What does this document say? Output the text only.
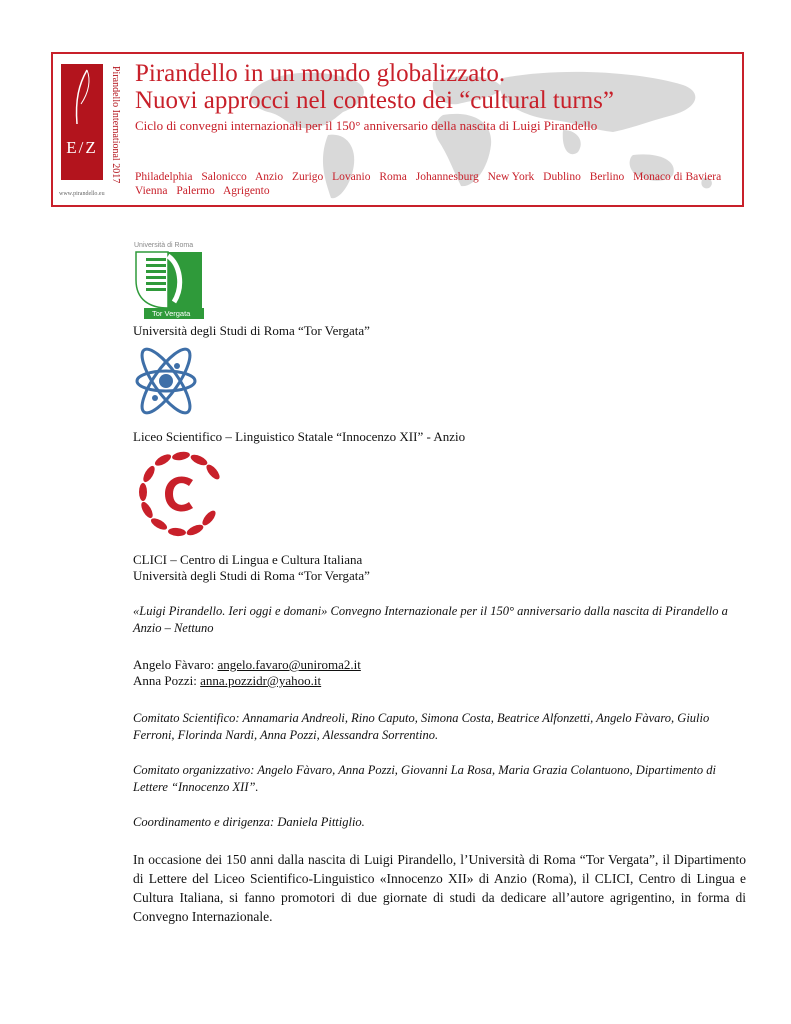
E/Z
www.pirandello.eu
Pirandello International 2017 Pirandello in un mondo globalizzato.
Nuovi approcci nel contesto dei “cultural turns”
Ciclo di convegni internazionali per il 150° anniversario della nascita di Luigi Pirandello
Philadelphia Salonicco Anzio Zurigo Lovanio Roma Johannesburg New York Dublino Berlino Monaco di Baviera Vienna Palermo Agrigento
Università di Roma
Tor Vergata
Università degli Studi di Roma “Tor Vergata”
Liceo Scientifico – Linguistico Statale “Innocenzo XII” - Anzio
CLICI – Centro di Lingua e Cultura Italiana
Università degli Studi di Roma “Tor Vergata”
«Luigi Pirandello. Ieri oggi e domani» Convegno Internazionale per il 150° anniversario dalla nascita di Pirandello a Anzio – Nettuno
Angelo Fàvaro: angelo.favaro@uniroma2.it
Anna Pozzi: anna.pozzidr@yahoo.it
Comitato Scientifico: Annamaria Andreoli, Rino Caputo, Simona Costa, Beatrice Alfonzetti, Angelo Fàvaro, Giulio Ferroni, Florinda Nardi, Anna Pozzi, Alessandra Sorrentino.
Comitato organizzativo: Angelo Fàvaro, Anna Pozzi, Giovanni La Rosa, Maria Grazia Colantuono, Dipartimento di Lettere “Innocenzo XII”.
Coordinamento e dirigenza: Daniela Pittiglio.
In occasione dei 150 anni dalla nascita di Luigi Pirandello, l’Università di Roma “Tor Vergata”, il Dipartimento di Lettere del Liceo Scientifico-Linguistico «Innocenzo XII» di Anzio (Roma), il CLICI, Centro di Lingua e Cultura Italiana, si fanno promotori di due giornate di studi da dedicare all’autore agrigentino, in forma di Convegno Internazionale.
